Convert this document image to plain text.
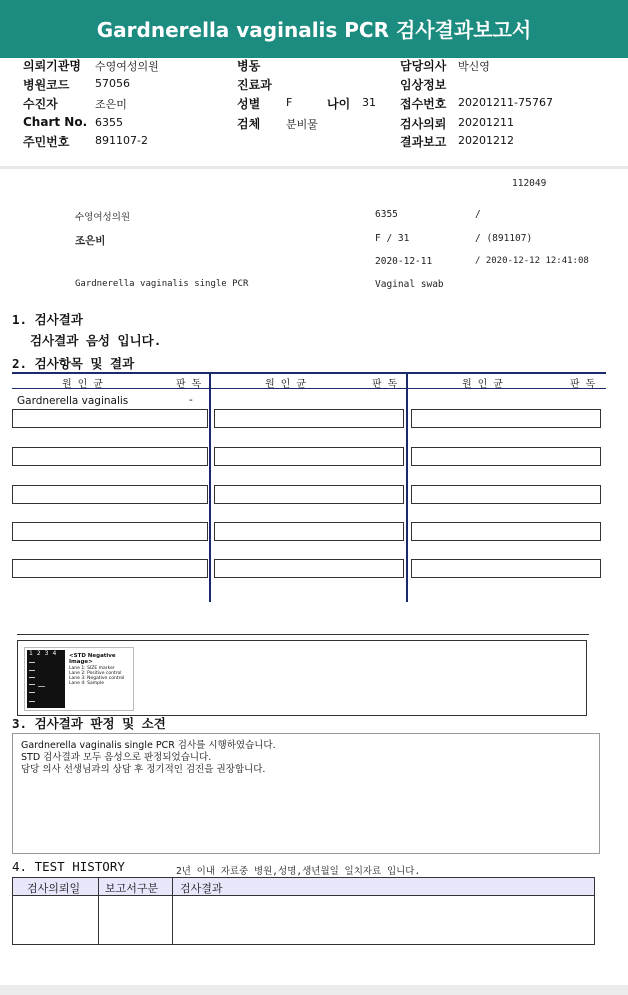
Gardnerella vaginalis PCR 검사결과보고서
의뢰기관명 수영여성의원
병원코드 57056
수진자	조은미
Chart No. 6355
주민번호 891107-2
병동
진료과
성별 F	나이 31
검체 분비물
담당의사 박신영
임상정보
접수번호 20201211-75767
검사의뢰 20201211
결과보고 20201212
112049
수영여성의원	6355	/
조은비	F / 31	/ (891107)
2020-12-11	/ 2020-12-12 12:41:08
Gardnerella vaginalis single PCR	Vaginal swab
1. 검사결과
검사결과 음성 입니다.
2. 검사항목 및 결과
원 인 균	판 독	원 인 균	판 독	원 인 균	판 독
Gardnerella vaginalis	-
1234 <STD Negative Image>
Lane 1: SIZE marker
Lane 2: Positive control
Lane 3: Negative control
Lane 4: Sample
3. 검사결과 판정 및 소견
Gardnerella vaginalis single PCR 검사를 시행하였습니다.
STD 검사결과 모두 음성으로 판정되었습니다.
담당 의사 선생님과의 상담 후 정기적인 검진을 권장합니다.
4. TEST HISTORY	2년 이내 자료중 병원,성명,생년월일 일치자료 입니다.
검사의뢰일 보고서구분 검사결과
